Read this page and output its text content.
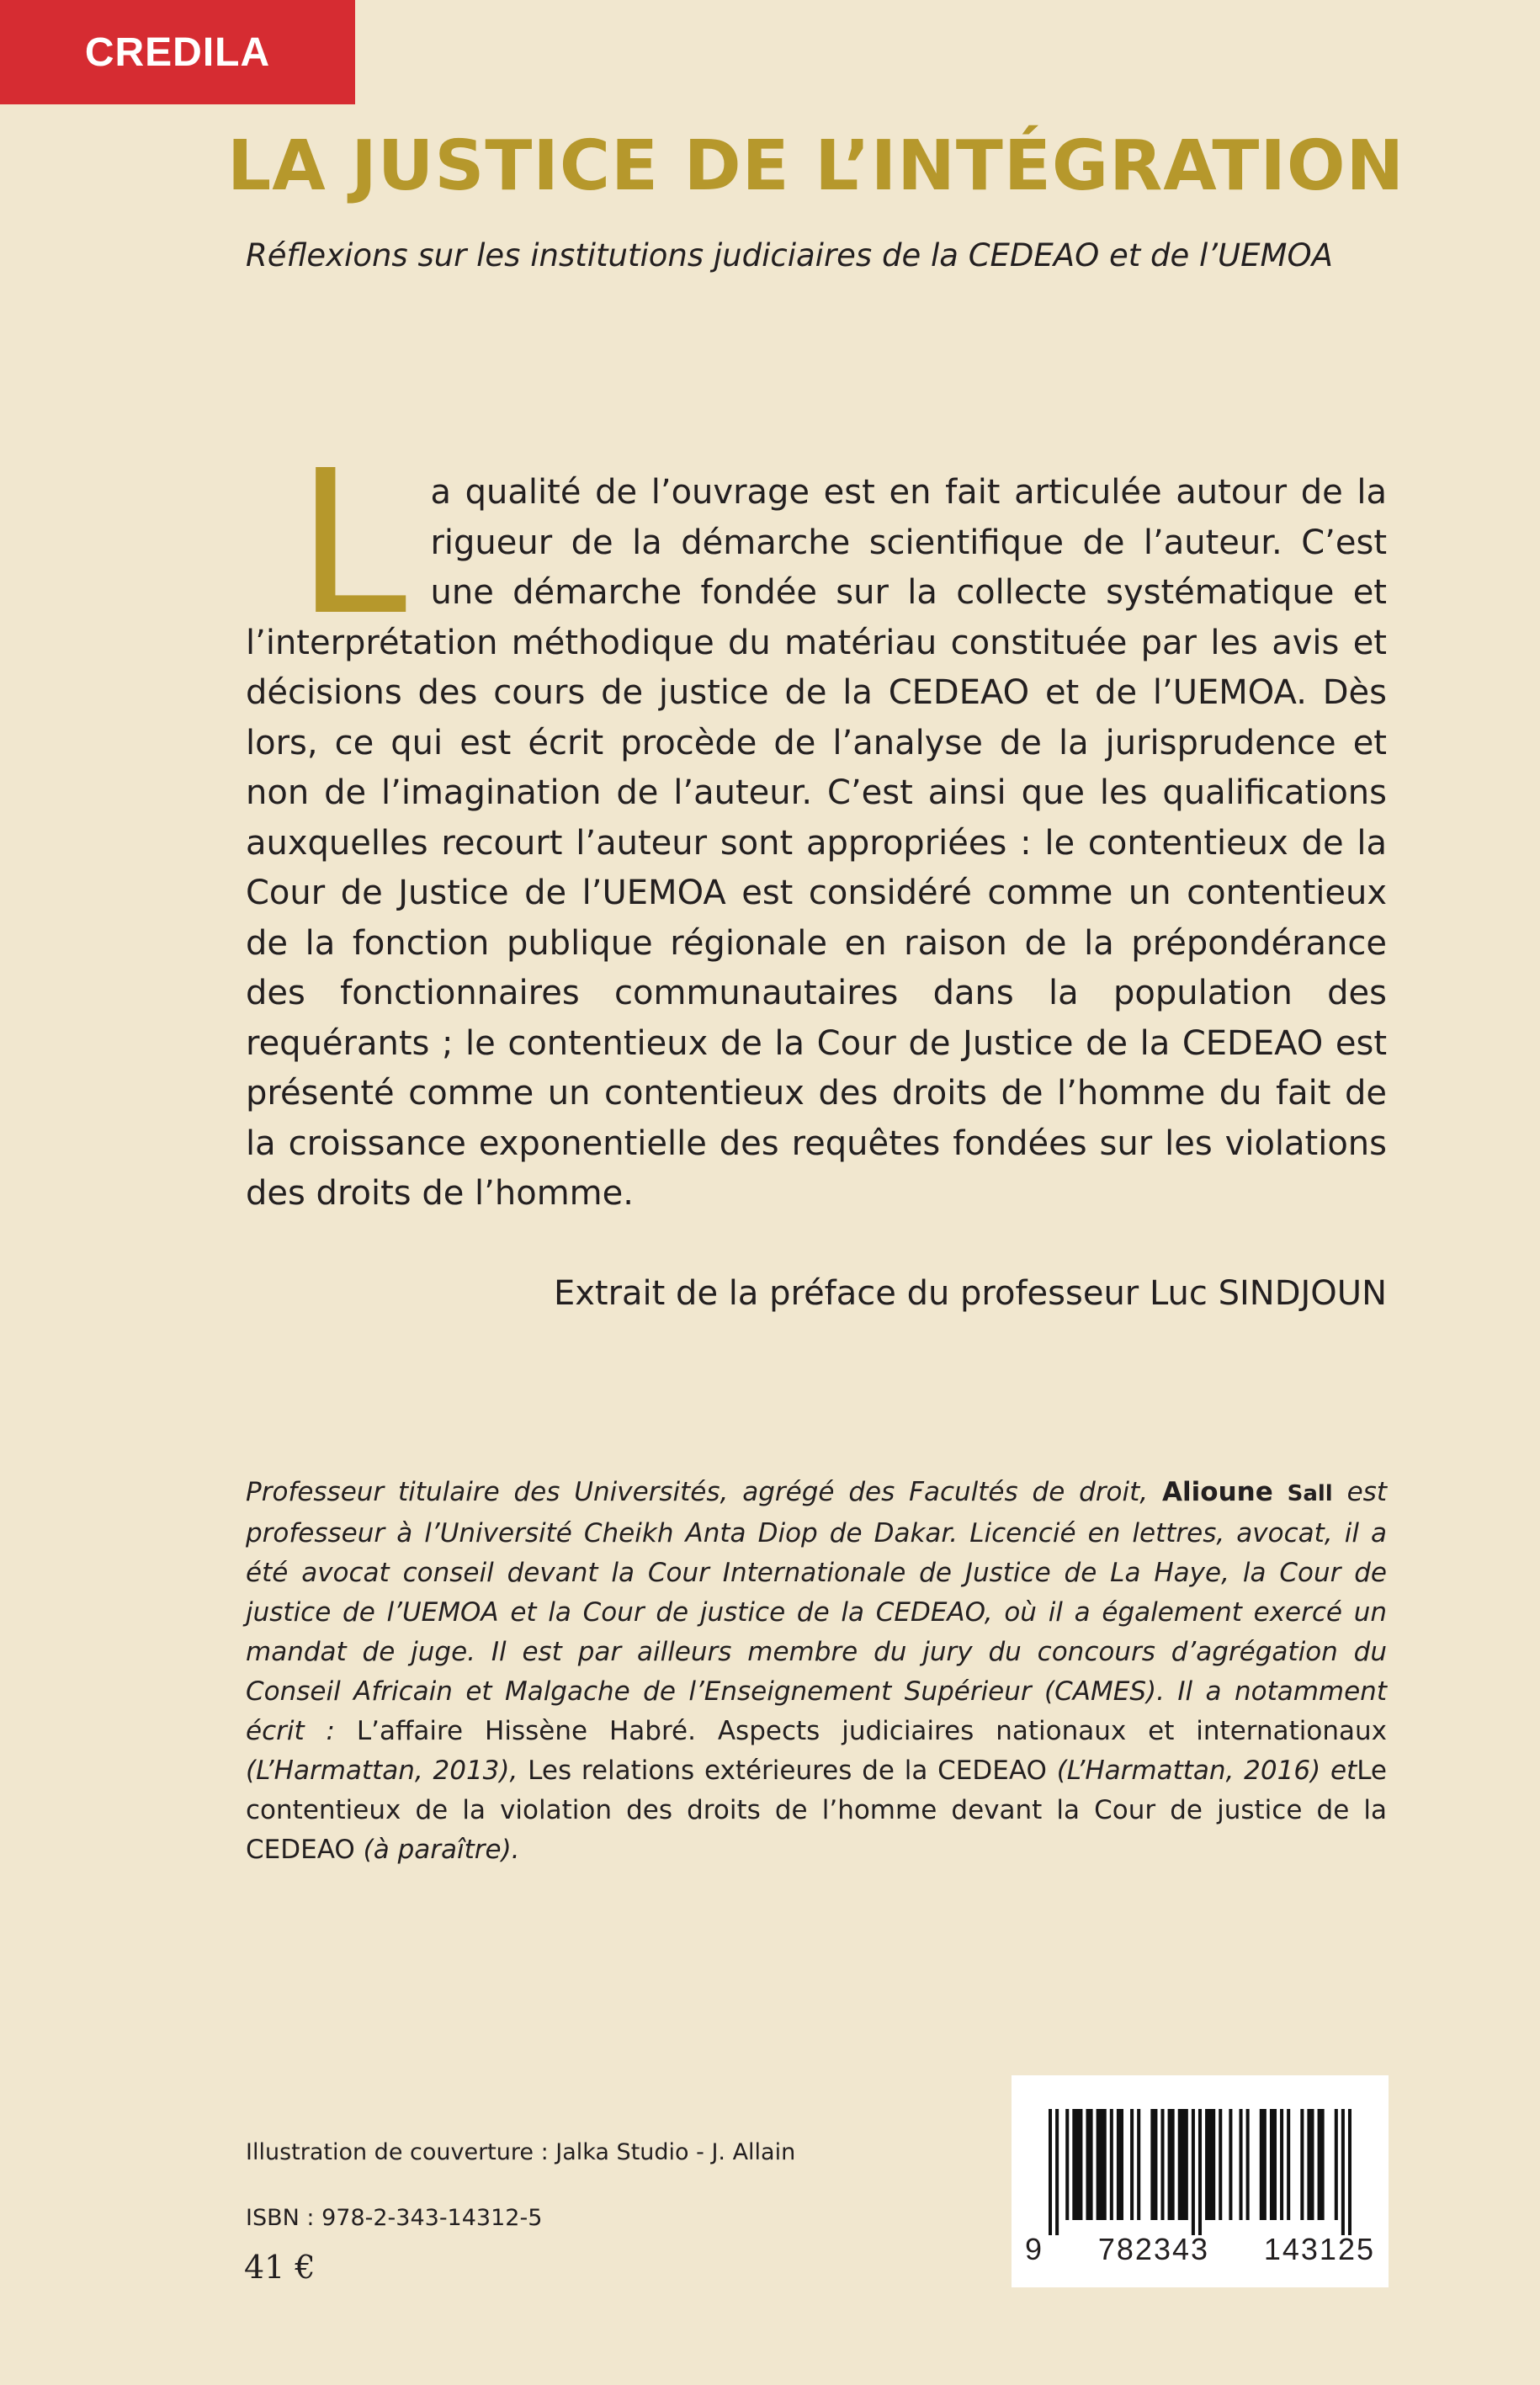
CREDILA
LA JUSTICE DE L’INTÉGRATION
Réflexions sur les institutions judiciaires de la CEDEAO et de l’UEMOA
La qualité de l’ouvrage est en fait articulée autour de la rigueur de la démarche scientifique de l’auteur. C’est une démarche fondée sur la collecte systématique et l’interprétation méthodique du matériau constituée par les avis et décisions des cours de justice de la CEDEAO et de l’UEMOA. Dès lors, ce qui est écrit procède de l’analyse de la jurisprudence et non de l’imagination de l’auteur. C’est ainsi que les qualifications auxquelles recourt l’auteur sont appropriées : le contentieux de la Cour de Justice de l’UEMOA est considéré comme un contentieux de la fonction publique régionale en raison de la prépondérance des fonctionnaires communautaires dans la population des requérants ; le contentieux de la Cour de Justice de la CEDEAO est présenté comme un contentieux des droits de l’homme du fait de la croissance exponentielle des requêtes fondées sur les violations des droits de l’homme.
Extrait de la préface du professeur Luc SINDJOUN
Professeur titulaire des Universités, agrégé des Facultés de droit, Alioune Sall est professeur à l’Université Cheikh Anta Diop de Dakar. Licencié en lettres, avocat, il a été avocat conseil devant la Cour Internationale de Justice de La Haye, la Cour de justice de l’UEMOA et la Cour de justice de la CEDEAO, où il a également exercé un mandat de juge. Il est par ailleurs membre du jury du concours d’agrégation du Conseil Africain et Malgache de l’Enseignement Supérieur (CAMES). Il a notamment écrit : L’affaire Hissène Habré. Aspects judiciaires nationaux et internationaux (L’Harmattan, 2013), Les relations extérieures de la CEDEAO (L’Harmattan, 2016) etLe contentieux de la violation des droits de l’homme devant la Cour de justice de la CEDEAO (à paraître).
Illustration de couverture : Jalka Studio - J. Allain
ISBN : 978-2-343-14312-5
41 €	9 782343 143125
